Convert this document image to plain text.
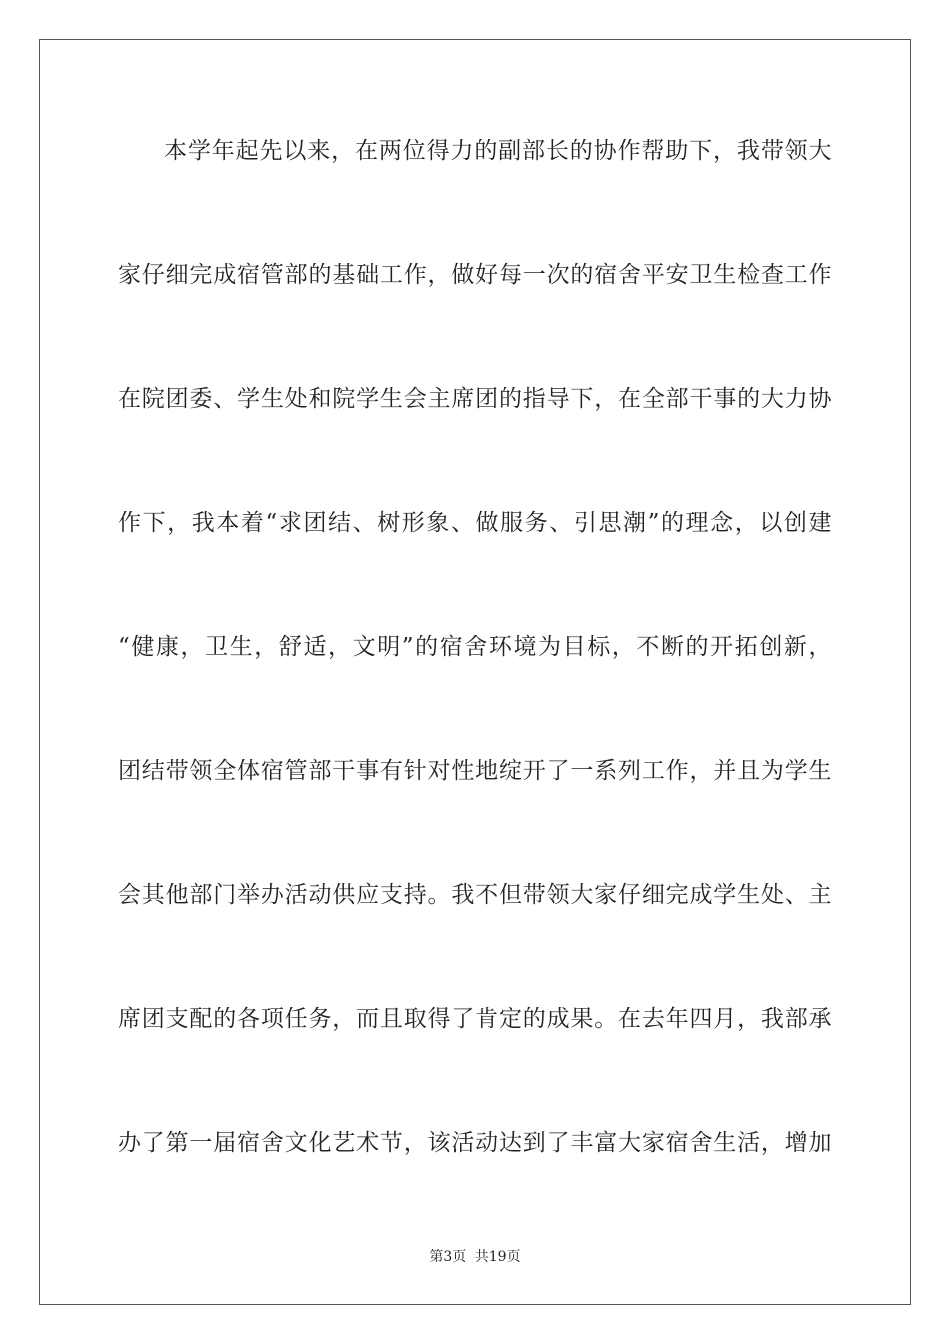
本学年起先以来，在两位得力的副部长的协作帮助下，我带领大
家仔细完成宿管部的基础工作，做好每一次的宿舍平安卫生检查工作
在院团委、学生处和院学生会主席团的指导下，在全部干事的大力协
作下，我本着“求团结、树形象、做服务、引思潮”的理念，以创建
“健康，卫生，舒适，文明”的宿舍环境为目标，不断的开拓创新，
团结带领全体宿管部干事有针对性地绽开了一系列工作，并且为学生
会其他部门举办活动供应支持。我不但带领大家仔细完成学生处、主
席团支配的各项任务，而且取得了肯定的成果。在去年四月，我部承
办了第一届宿舍文化艺术节，该活动达到了丰富大家宿舍生活，增加
第3页 共19页
